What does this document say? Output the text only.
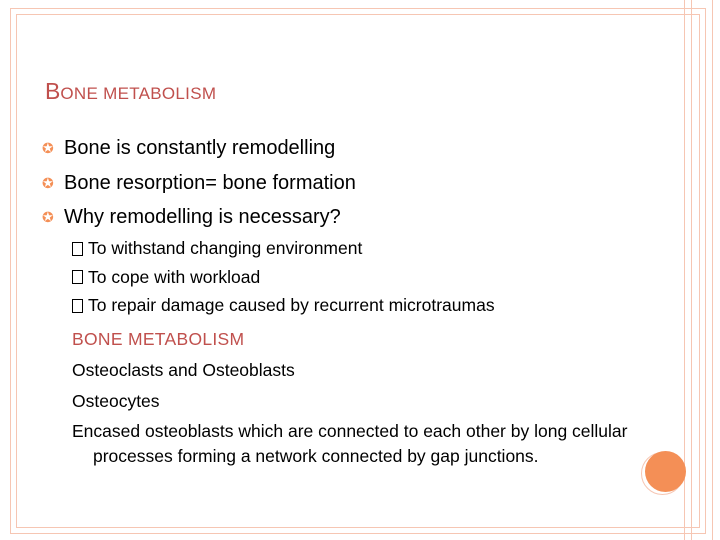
BONE METABOLISM
✪ Bone is constantly remodelling
✪ Bone resorption= bone formation
✪ Why remodelling is necessary?
To withstand changing environment
To cope with workload
To repair damage caused by recurrent microtraumas

BONE METABOLISM

Osteoclasts and Osteoblasts

Osteocytes

Encased osteoblasts which are connected to each other by long cellular processes forming a network connected by gap junctions.
